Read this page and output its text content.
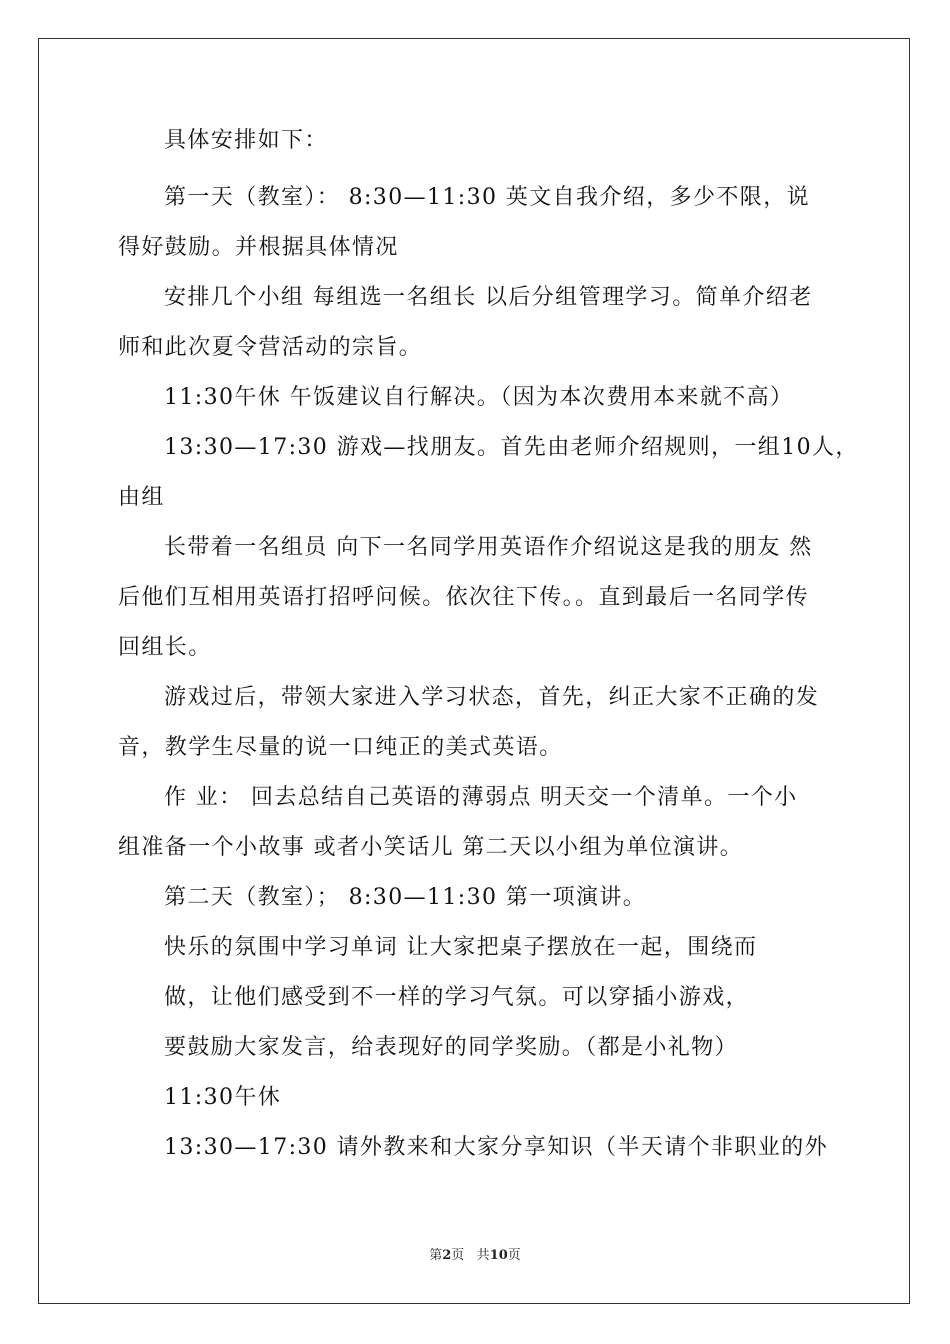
具体安排如下：
第一天（教室）： 8:30—11:30 英文自我介绍，多少不限，说
得好鼓励。并根据具体情况
安排几个小组 每组选一名组长 以后分组管理学习。简单介绍老
师和此次夏令营活动的宗旨。
11:30午休 午饭建议自行解决。（因为本次费用本来就不高）
13:30—17:30 游戏—找朋友。首先由老师介绍规则，一组10人，
由组
长带着一名组员 向下一名同学用英语作介绍说这是我的朋友 然
后他们互相用英语打招呼问候。依次往下传。。直到最后一名同学传
回组长。
游戏过后，带领大家进入学习状态，首先，纠正大家不正确的发
音，教学生尽量的说一口纯正的美式英语。
作 业： 回去总结自己英语的薄弱点 明天交一个清单。一个小
组准备一个小故事 或者小笑话儿 第二天以小组为单位演讲。
第二天（教室）； 8:30—11:30 第一项演讲。
快乐的氛围中学习单词 让大家把桌子摆放在一起，围绕而
做，让他们感受到不一样的学习气氛。可以穿插小游戏，
要鼓励大家发言，给表现好的同学奖励。（都是小礼物）
11:30午休
13:30—17:30 请外教来和大家分享知识（半天请个非职业的外
第2页 共10页
